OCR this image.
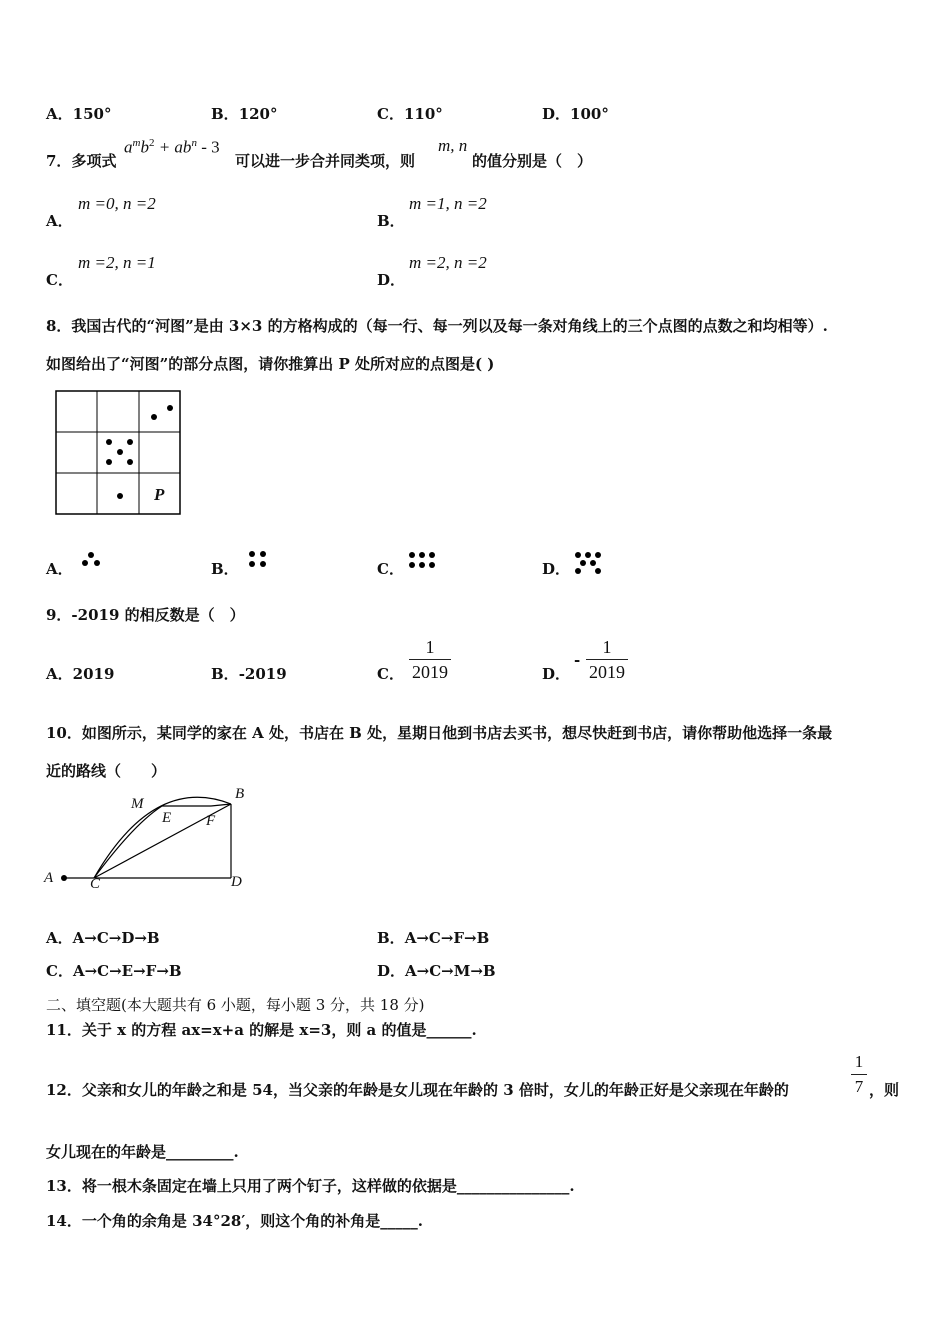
A．150°	B．120°	C．110°	D．100°
7．多项式
$a^mb^2 + ab^n - 3$
可以进一步合并同类项，则
m, n
的值分别是（　）
A．
m =0, n =2
B．
m =1, n =2
C．
m =2, n =1
D．
m =2, n =2
8．我国古代的“河图”是由 3×3 的方格构成的（每一行、每一列以及每一条对角线上的三个点图的点数之和均相等）.
如图给出了“河图”的部分点图，请你推算出 P 处所对应的点图是( )
P
A．	B．	C．	D．
9．-2019 的相反数是（　）
A．2019	B．-2019	C．
1
2019	D．
-
1
2019
10．如图所示，某同学的家在 A 处，书店在 B 处，星期日他到书店去买书，想尽快赶到书店，请你帮助他选择一条最
近的路线（　　）
A C	D
B
M
E F
A．A→C→D→B	B．A→C→F→B
C．A→C→E→F→B	D．A→C→M→B
二、填空题(本大题共有 6 小题，每小题 3 分，共 18 分)
11．关于 x 的方程 ax=x+a 的解是 x=3，则 a 的值是______.
12．父亲和女儿的年龄之和是 54，当父亲的年龄是女儿现在年龄的 3 倍时，女儿的年龄正好是父亲现在年龄的
1
7 ，则
女儿现在的年龄是_________.
13．将一根木条固定在墙上只用了两个钉子，这样做的依据是_______________.
14．一个角的余角是 34°28′，则这个角的补角是_____.
